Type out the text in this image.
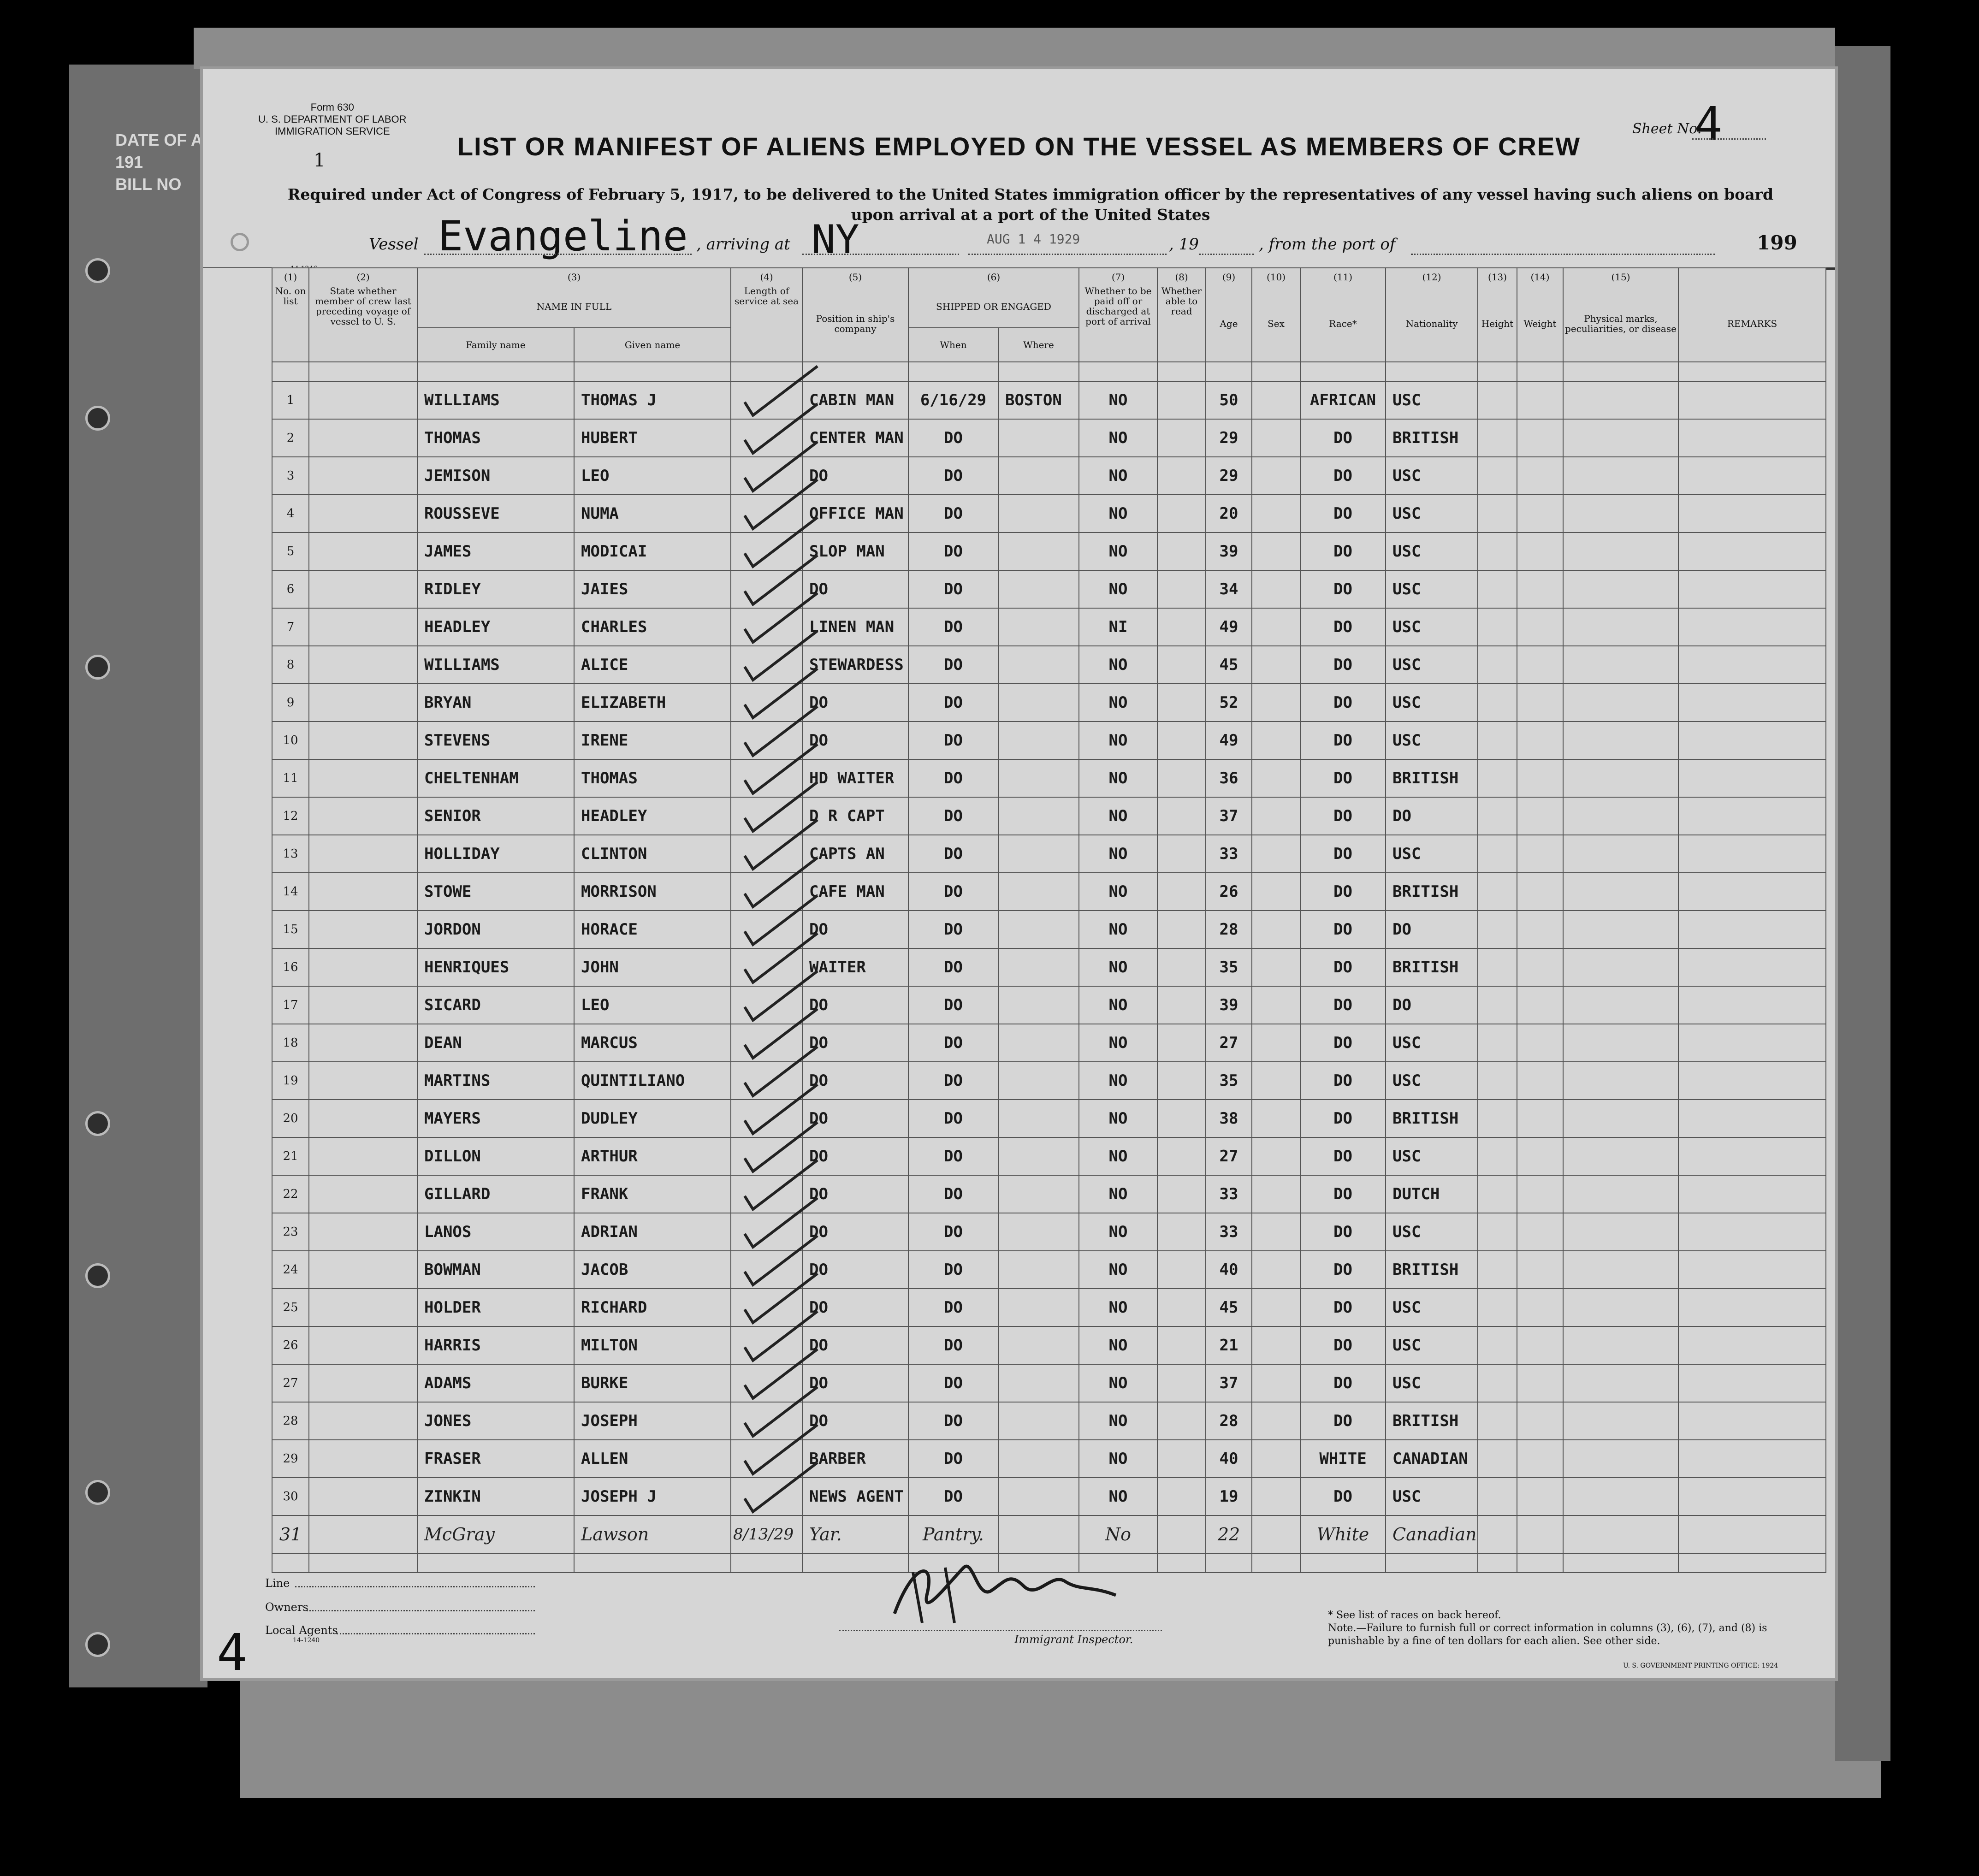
DATE OF A
191
BILL NO
Form 630
U. S. DEPARTMENT OF LABOR
IMMIGRATION SERVICE
1	LIST OR MANIFEST OF ALIENS EMPLOYED ON THE VESSEL AS MEMBERS OF CREW
Sheet No.
4
Required under Act of Congress of February 5, 1917, to be delivered to the United States immigration officer by the representatives of any vessel having such aliens on board upon arrival at a port of the United States
Vessel Evangeline , arriving at NY	AUG 1 4 1929	, 19	, from the port of	199
	(1)	(2)	(3)		(4)	(5)	(6)		(7)	(8)	(9)	(10)	(11)	(12)	(13)	(14)	(15)	
	No. on list	State whether member of crew last preceding voyage of vessel to U. S.	NAME IN FULL		Length of service at sea	Position in ship's company	SHIPPED OR ENGAGED		Whether to be paid off or discharged at port of arrival	Whether able to read	Age	Sex	Race*	Nationality	Height	Weight	Physical marks, peculiarities, or disease	REMARKS
			Family name	Given name			When	Where										

	1		WILLIAMS	THOMAS J		CABIN MAN	6/16/29	BOSTON	NO		50		AFRICAN	USC				
	2		THOMAS	HUBERT		CENTER MAN	DO		NO		29		DO	BRITISH				
	3		JEMISON	LEO		DO	DO		NO		29		DO	USC				
	4		ROUSSEVE	NUMA		OFFICE MAN	DO		NO		20		DO	USC				
	5		JAMES	MODICAI		SLOP MAN	DO		NO		39		DO	USC				
	6		RIDLEY	JAIES		DO	DO		NO		34		DO	USC				
	7		HEADLEY	CHARLES		LINEN MAN	DO		NI		49		DO	USC				
	8		WILLIAMS	ALICE		STEWARDESS	DO		NO		45		DO	USC				
	9		BRYAN	ELIZABETH		DO	DO		NO		52		DO	USC				
	10		STEVENS	IRENE		DO	DO		NO		49		DO	USC				
	11		CHELTENHAM	THOMAS		HD WAITER	DO		NO		36		DO	BRITISH				
	12		SENIOR	HEADLEY		D R CAPT	DO		NO		37		DO	DO				
	13		HOLLIDAY	CLINTON		CAPTS AN	DO		NO		33		DO	USC				
	14		STOWE	MORRISON		CAFE MAN	DO		NO		26		DO	BRITISH				
	15		JORDON	HORACE		DO	DO		NO		28		DO	DO				
	16		HENRIQUES	JOHN		WAITER	DO		NO		35		DO	BRITISH				
	17		SICARD	LEO		DO	DO		NO		39		DO	DO				
	18		DEAN	MARCUS		DO	DO		NO		27		DO	USC				
	19		MARTINS	QUINTILIANO		DO	DO		NO		35		DO	USC				
	20		MAYERS	DUDLEY		DO	DO		NO		38		DO	BRITISH				
	21		DILLON	ARTHUR		DO	DO		NO		27		DO	USC				
	22		GILLARD	FRANK		DO	DO		NO		33		DO	DUTCH				
	23		LANOS	ADRIAN		DO	DO		NO		33		DO	USC				
	24		BOWMAN	JACOB		DO	DO		NO		40		DO	BRITISH				
	25		HOLDER	RICHARD		DO	DO		NO		45		DO	USC				
	26		HARRIS	MILTON		DO	DO		NO		21		DO	USC				
	27		ADAMS	BURKE		DO	DO		NO		37		DO	USC				
	28		JONES	JOSEPH		DO	DO		NO		28		DO	BRITISH				
	29		FRASER	ALLEN		BARBER	DO		NO		40		WHITE	CANADIAN				
	30		ZINKIN	JOSEPH J		NEWS AGENT	DO		NO		19		DO	USC				
	31		McGray	Lawson	8/13/29	Yar.	Pantry.		No		22		White	Canadian				

Line
Owners
Local Agents
14-1240	Immigrant Inspector.
* See list of races on back hereof.
Note.—Failure to furnish full or correct information in columns (3), (6), (7), and (8) is punishable by a fine of ten dollars for each alien. See other side.
U. S. GOVERNMENT PRINTING OFFICE: 1924
4
